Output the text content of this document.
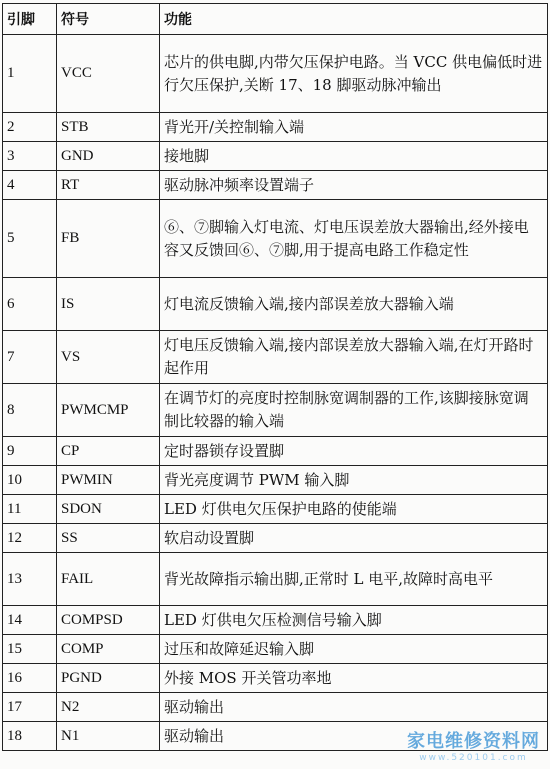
引脚	符号	功能
1	VCC	芯片的供电脚,内带欠压保护电路。当 VCC 供电偏低时进行欠压保护,关断 17、18 脚驱动脉冲输出
2	STB	背光开/关控制输入端
3	GND	接地脚
4	RT	驱动脉冲频率设置端子
5	FB	⑥、⑦脚输入灯电流、灯电压误差放大器输出,经外接电容又反馈回⑥、⑦脚,用于提高电路工作稳定性
6	IS	灯电流反馈输入端,接内部误差放大器输入端
7	VS	灯电压反馈输入端,接内部误差放大器输入端,在灯开路时起作用
8	PWMCMP	在调节灯的亮度时控制脉宽调制器的工作,该脚接脉宽调制比较器的输入端
9	CP	定时器锁存设置脚
10	PWMIN	背光亮度调节 PWM 输入脚
11	SDON	LED 灯供电欠压保护电路的使能端
12	SS	软启动设置脚
13	FAIL	背光故障指示输出脚,正常时 L 电平,故障时高电平
14	COMPSD	LED 灯供电欠压检测信号输入脚
15	COMP	过压和故障延迟输入脚
16	PGND	外接 MOS 开关管功率地
17	N2	驱动输出
18	N1	驱动输出	家电维修资料网
www.520101.com
